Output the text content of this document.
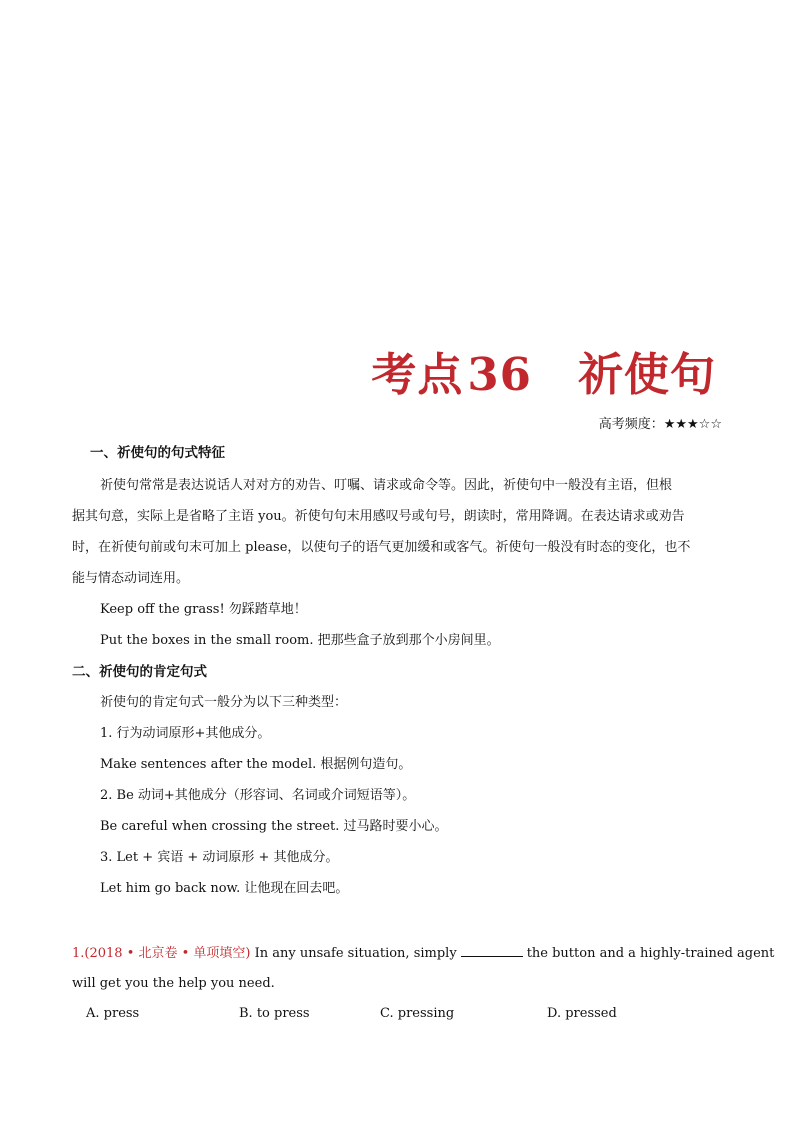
考点36 祈使句
高考频度：★★★☆☆
一、祈使句的句式特征
祈使句常常是表达说话人对对方的劝告、叮嘱、请求或命令等。因此，祈使句中一般没有主语，但根
据其句意，实际上是省略了主语 you。祈使句句末用感叹号或句号，朗读时，常用降调。在表达请求或劝告
时，在祈使句前或句末可加上 please，以使句子的语气更加缓和或客气。祈使句一般没有时态的变化，也不
能与情态动词连用。
Keep off the grass! 勿踩踏草地！
Put the boxes in the small room. 把那些盒子放到那个小房间里。
二、祈使句的肯定句式
祈使句的肯定句式一般分为以下三种类型：
1. 行为动词原形+其他成分。
Make sentences after the model. 根据例句造句。
2. Be 动词+其他成分（形容词、名词或介词短语等）。
Be careful when crossing the street. 过马路时要小心。
3. Let + 宾语 + 动词原形 + 其他成分。
Let him go back now. 让他现在回去吧。
1.(2018 • 北京卷 • 单项填空) In any unsafe situation, simply	the button and a highly-trained agent
will get you the help you need.
A. press	B. to press	C. pressing	D. pressed
